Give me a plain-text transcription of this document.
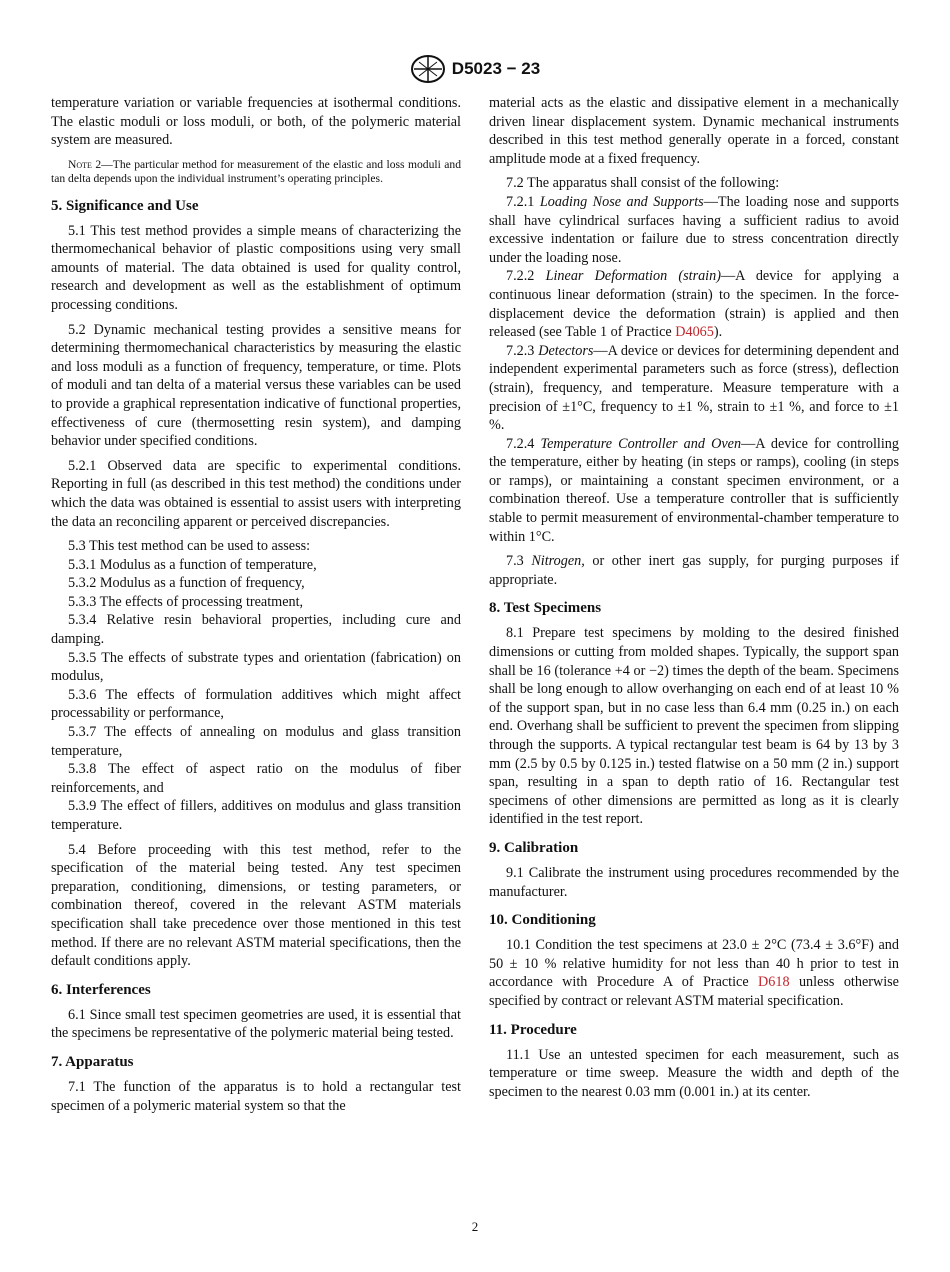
D5023 − 23

temperature variation or variable frequencies at isothermal conditions. The elastic moduli or loss moduli, or both, of the polymeric material system are measured.

Note 2—The particular method for measurement of the elastic and loss moduli and tan delta depends upon the individual instrument’s operating principles.

5. Significance and Use

5.1 This test method provides a simple means of characterizing the thermomechanical behavior of plastic compositions using very small amounts of material. The data obtained is used for quality control, research and development as well as the establishment of optimum processing conditions.

5.2 Dynamic mechanical testing provides a sensitive means for determining thermomechanical characteristics by measuring the elastic and loss moduli as a function of frequency, temperature, or time. Plots of moduli and tan delta of a material versus these variables can be used to provide a graphical representation indicative of functional properties, effectiveness of cure (thermosetting resin system), and damping behavior under specified conditions.

5.2.1 Observed data are specific to experimental conditions. Reporting in full (as described in this test method) the conditions under which the data was obtained is essential to assist users with interpreting the data an reconciling apparent or perceived discrepancies.

5.3 This test method can be used to assess:

5.3.1 Modulus as a function of temperature,

5.3.2 Modulus as a function of frequency,

5.3.3 The effects of processing treatment,

5.3.4 Relative resin behavioral properties, including cure and damping.

5.3.5 The effects of substrate types and orientation (fabrication) on modulus,

5.3.6 The effects of formulation additives which might affect processability or performance,

5.3.7 The effects of annealing on modulus and glass transition temperature,

5.3.8 The effect of aspect ratio on the modulus of fiber reinforcements, and

5.3.9 The effect of fillers, additives on modulus and glass transition temperature.

5.4 Before proceeding with this test method, refer to the specification of the material being tested. Any test specimen preparation, conditioning, dimensions, or testing parameters, or combination thereof, covered in the relevant ASTM materials specification shall take precedence over those mentioned in this test method. If there are no relevant ASTM material specifications, then the default conditions apply.

6. Interferences

6.1 Since small test specimen geometries are used, it is essential that the specimens be representative of the polymeric material being tested.

7. Apparatus

7.1 The function of the apparatus is to hold a rectangular test specimen of a polymeric material system so that the

material acts as the elastic and dissipative element in a mechanically driven linear displacement system. Dynamic mechanical instruments described in this test method generally operate in a forced, constant amplitude mode at a fixed frequency.

7.2 The apparatus shall consist of the following:

7.2.1 Loading Nose and Supports—The loading nose and supports shall have cylindrical surfaces having a sufficient radius to avoid excessive indentation or failure due to stress concentration directly under the loading nose.

7.2.2 Linear Deformation (strain)—A device for applying a continuous linear deformation (strain) to the specimen. In the force-displacement device the deformation (strain) is applied and then released (see Table 1 of Practice D4065).

7.2.3 Detectors—A device or devices for determining dependent and independent experimental parameters such as force (stress), deflection (strain), frequency, and temperature. Measure temperature with a precision of ±1°C, frequency to ±1 %, strain to ±1 %, and force to ±1 %.

7.2.4 Temperature Controller and Oven—A device for controlling the temperature, either by heating (in steps or ramps), cooling (in steps or ramps), or maintaining a constant specimen environment, or a combination thereof. Use a temperature controller that is sufficiently stable to permit measurement of environmental-chamber temperature to within 1°C.

7.3 Nitrogen, or other inert gas supply, for purging purposes if appropriate.

8. Test Specimens

8.1 Prepare test specimens by molding to the desired finished dimensions or cutting from molded shapes. Typically, the support span shall be 16 (tolerance +4 or −2) times the depth of the beam. Specimens shall be long enough to allow overhanging on each end of at least 10 % of the support span, but in no case less than 6.4 mm (0.25 in.) on each end. Overhang shall be sufficient to prevent the specimen from slipping through the supports. A typical rectangular test beam is 64 by 13 by 3 mm (2.5 by 0.5 by 0.125 in.) tested flatwise on a 50 mm (2 in.) support span, resulting in a span to depth ratio of 16. Rectangular test specimens of other dimensions are permitted as long as it is clearly identified in the test report.

9. Calibration

9.1 Calibrate the instrument using procedures recommended by the manufacturer.

10. Conditioning

10.1 Condition the test specimens at 23.0 ± 2°C (73.4 ± 3.6°F) and 50 ± 10 % relative humidity for not less than 40 h prior to test in accordance with Procedure A of Practice D618 unless otherwise specified by contract or relevant ASTM material specification.

11. Procedure

11.1 Use an untested specimen for each measurement, such as temperature or time sweep. Measure the width and depth of the specimen to the nearest 0.03 mm (0.001 in.) at its center.

2
